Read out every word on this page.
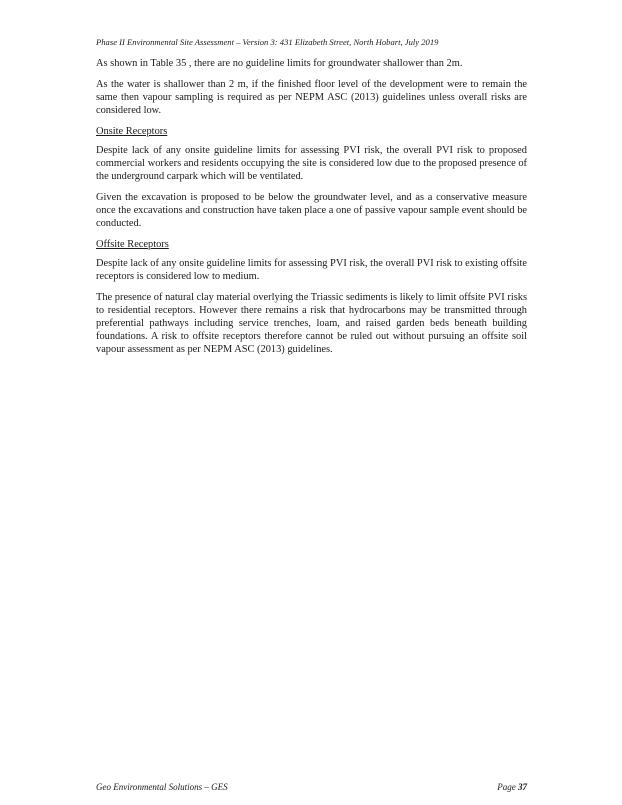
Phase II Environmental Site Assessment – Version 3: 431 Elizabeth Street, North Hobart, July 2019

As shown in Table 35 , there are no guideline limits for groundwater shallower than 2m.

As the water is shallower than 2 m, if the finished floor level of the development were to remain the same then vapour sampling is required as per NEPM ASC (2013) guidelines unless overall risks are considered low.

Onsite Receptors

Despite lack of any onsite guideline limits for assessing PVI risk, the overall PVI risk to proposed commercial workers and residents occupying the site is considered low due to the proposed presence of the underground carpark which will be ventilated.

Given the excavation is proposed to be below the groundwater level, and as a conservative measure once the excavations and construction have taken place a one of passive vapour sample event should be conducted.

Offsite Receptors

Despite lack of any onsite guideline limits for assessing PVI risk, the overall PVI risk to existing offsite receptors is considered low to medium.

The presence of natural clay material overlying the Triassic sediments is likely to limit offsite PVI risks to residential receptors. However there remains a risk that hydrocarbons may be transmitted through preferential pathways including service trenches, loam, and raised garden beds beneath building foundations. A risk to offsite receptors therefore cannot be ruled out without pursuing an offsite soil vapour assessment as per NEPM ASC (2013) guidelines.

Geo Environmental Solutions – GES	Page 37
